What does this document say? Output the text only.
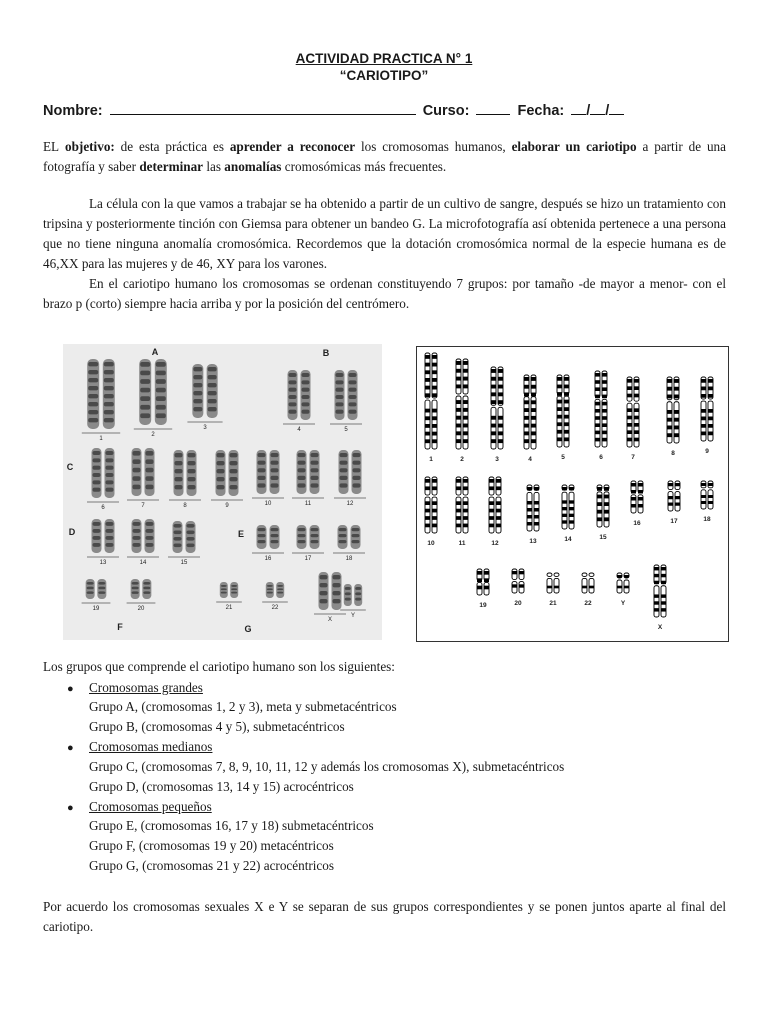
ACTIVIDAD PRACTICA N° 1
“CARIOTIPO”
Nombre:	Curso:	Fecha: / /
EL objetivo: de esta práctica es aprender a reconocer los cromosomas humanos, elaborar un cariotipo a partir de una fotografía y saber determinar las anomalías cromosómicas más frecuentes.
La célula con la que vamos a trabajar se ha obtenido a partir de un cultivo de sangre, después se hizo un tratamiento con tripsina y posteriormente tinción con Giemsa para obtener un bandeo G. La microfotografía así obtenida pertenece a una persona que no tiene ninguna anomalía cromosómica. Recordemos que la dotación cromosómica normal de la especie humana es de 46,XX para las mujeres y de 46, XY para los varones.
En el cariotipo humano los cromosomas se ordenan constituyendo 7 grupos: por tamaño -de mayor a menor- con el brazo p (corto) siempre hacia arriba y por la posición del centrómero.
1
2
3	4	5
6	7	8	9	10	11	12
13	14	15
16	17	18
19	20	21	22
X
Y
A	B
C
D	E
F	G
1	2	3	4	5	6	7
8	9
10	11	12	13	14	15
16	17	18
19	20	21	22	Y
X
Los grupos que comprende el cariotipo humano son los siguientes:
● Cromosomas grandes
Grupo A, (cromosomas 1, 2 y 3), meta y submetacéntricos
Grupo B, (cromosomas 4 y 5), submetacéntricos
● Cromosomas medianos
Grupo C, (cromosomas 7, 8, 9, 10, 11, 12 y además los cromosomas X), submetacéntricos
Grupo D, (cromosomas 13, 14 y 15) acrocéntricos
● Cromosomas pequeños
Grupo E, (cromosomas 16, 17 y 18) submetacéntricos
Grupo F, (cromosomas 19 y 20) metacéntricos
Grupo G, (cromosomas 21 y 22) acrocéntricos
Por acuerdo los cromosomas sexuales X e Y se separan de sus grupos correspondientes y se ponen juntos aparte al final del cariotipo.
